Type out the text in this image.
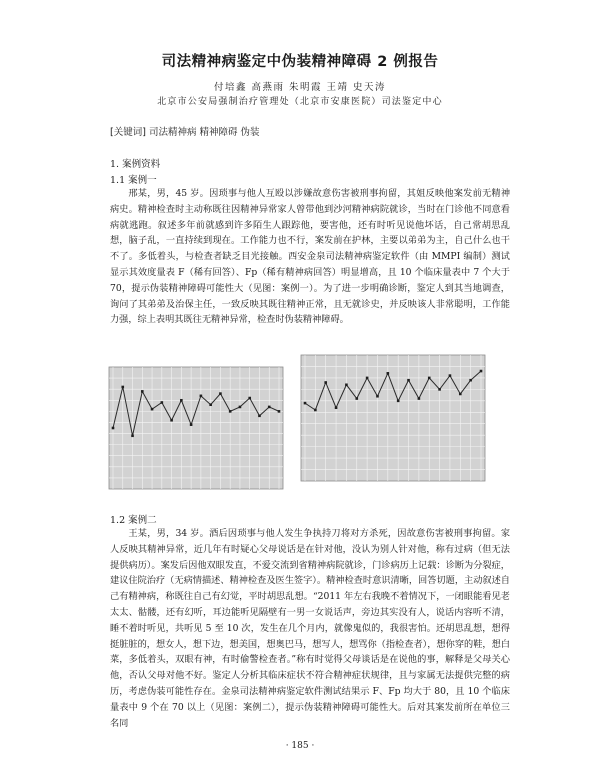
司法精神病鉴定中伪装精神障碍 2 例报告
付培鑫 高燕雨 朱明霞 王靖 史天涛
北京市公安局强制治疗管理处（北京市安康医院）司法鉴定中心
[关键词] 司法精神病 精神障碍 伪装
1. 案例资料
1.1 案例一

邢某，男，45 岁。因琐事与他人互殴以涉嫌故意伤害被刑事拘留，其姐反映他案发前无精神病史。精神检查时主动称既往因精神异常家人曾带他到沙河精神病院就诊，当时在门诊他不同意看病就逃跑。叙述多年前就感到许多陌生人跟踪他，要害他，还有时听见说他坏话，自己常胡思乱想，脑子乱，一直持续到现在。工作能力也不行，案发前在护林，主要以弟弟为主，自己什么也干不了。多低着头，与检查者缺乏目光接触。西安金泉司法精神病鉴定软件（由 MMPI 编制）测试显示其效度量表 F（稀有回答）、Fp（稀有精神病回答）明显增高，且 10 个临床量表中 7 个大于 70，提示伪装精神障碍可能性大（见图：案例一）。为了进一步明确诊断，鉴定人到其当地调查，询问了其弟弟及治保主任，一致反映其既往精神正常，且无就诊史，并反映该人非常聪明，工作能力强，综上表明其既往无精神异常，检查时伪装精神障碍。

1.2 案例二

王某，男，34 岁。酒后因琐事与他人发生争执持刀将对方杀死，因故意伤害被刑事拘留。家人反映其精神异常，近几年有时疑心父母说话是在针对他，没认为别人针对他，称有过病（但无法提供病历）。案发后因他双眼发直，不爱交流到省精神病院就诊，门诊病历上记载：诊断为分裂症，建议住院治疗（无病情描述、精神检查及医生签字）。精神检查时意识清晰，回答切题，主动叙述自己有精神病，称既往自己有幻觉，平时胡思乱想。“2011 年左右我晚不着情况下，一闭眼能看见老太太、骷髅，还有幻听，耳边能听见隔壁有一男一女说话声，旁边其实没有人，说话内容听不清，睡不着时听见，共听见 5 至 10 次，发生在几个月内，就像鬼似的，我很害怕。还胡思乱想，想得挺脏脏的，想女人，想下边，想美国，想奥巴马，想写人，想骂你（指检查者），想你穿的鞋，想白菜，多低着头，双眼有神，有时偷警检查者。”称有时觉得父母谈话是在说他的事，解释是父母关心他，否认父母对他不好。鉴定人分析其临床症状不符合精神症状规律，且与家属无法提供完整的病历，考虑伪装可能性存在。金泉司法精神病鉴定软件测试结果示 F、Fp 均大于 80，且 10 个临床量表中 9 个在 70 以上（见图：案例二），提示伪装精神障碍可能性大。后对其案发前所在单位三名同

· 185 ·
